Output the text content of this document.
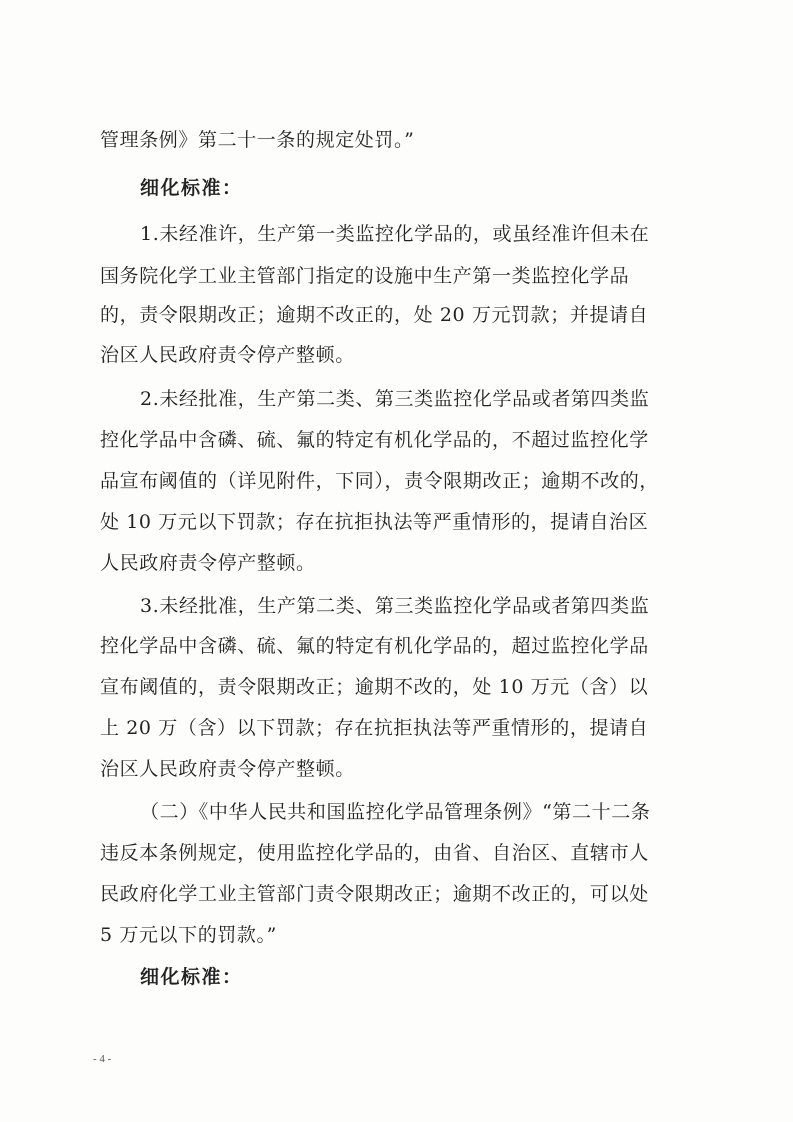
管理条例》第二十一条的规定处罚。”
细化标准：
1.未经准许，生产第一类监控化学品的，或虽经准许但未在
国务院化学工业主管部门指定的设施中生产第一类监控化学品
的，责令限期改正；逾期不改正的，处 20 万元罚款；并提请自
治区人民政府责令停产整顿。
2.未经批准，生产第二类、第三类监控化学品或者第四类监
控化学品中含磷、硫、氟的特定有机化学品的，不超过监控化学
品宣布阈值的（详见附件，下同），责令限期改正；逾期不改的，
处 10 万元以下罚款；存在抗拒执法等严重情形的，提请自治区
人民政府责令停产整顿。
3.未经批准，生产第二类、第三类监控化学品或者第四类监
控化学品中含磷、硫、氟的特定有机化学品的，超过监控化学品
宣布阈值的，责令限期改正；逾期不改的，处 10 万元（含）以
上 20 万（含）以下罚款；存在抗拒执法等严重情形的，提请自
治区人民政府责令停产整顿。
（二）《中华人民共和国监控化学品管理条例》“第二十二条
违反本条例规定，使用监控化学品的，由省、自治区、直辖市人
民政府化学工业主管部门责令限期改正；逾期不改正的，可以处
5 万元以下的罚款。”
细化标准：
- 4 -
